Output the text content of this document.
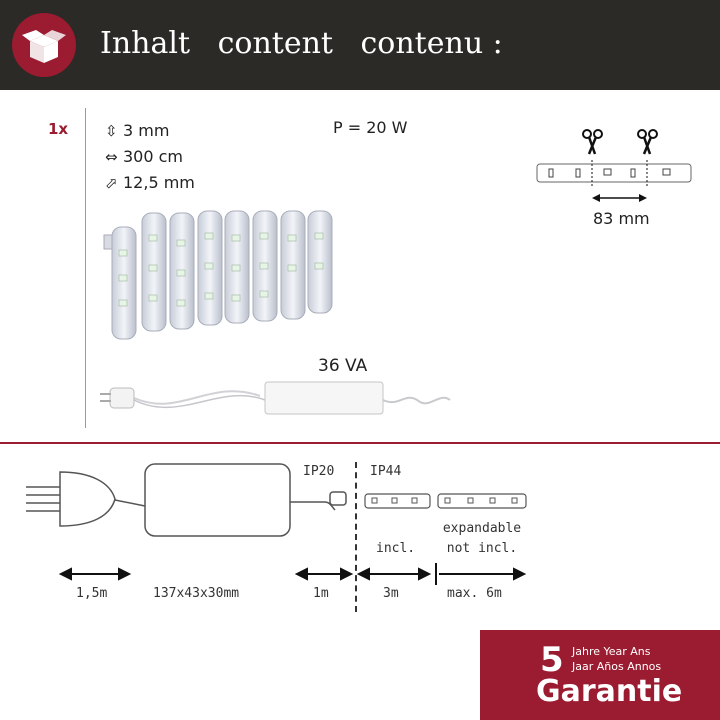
Inhalt content contenu :
1x ⇳ 3 mm
⇔ 300 cm
⬀ 12,5 mm
P = 20 W
36 VA
83 mm
IP20	IP44
expandable
incl.	not incl.
1,5m	137x43x30mm	1m	3m	max. 6m
5 Jahre Year Ans
Jaar Años Annos
Garantie
